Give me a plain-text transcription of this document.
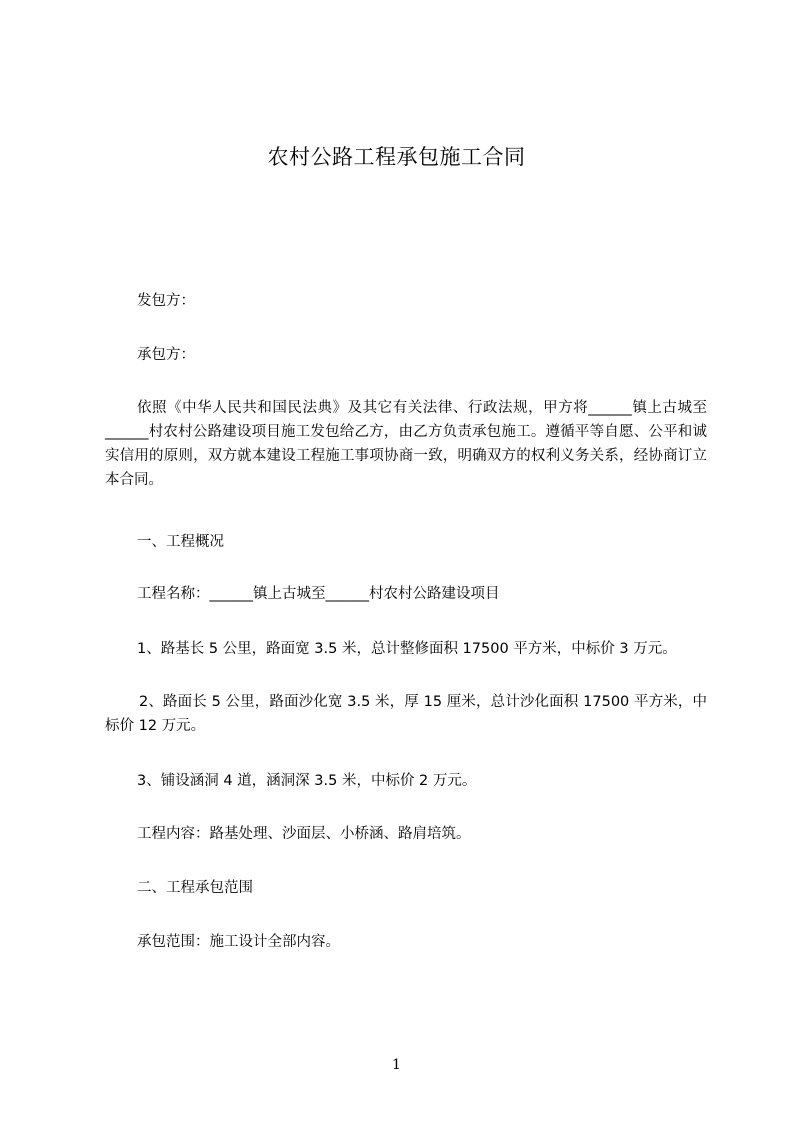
农村公路工程承包施工合同
发包方：
承包方：
依照《中华人民共和国民法典》及其它有关法律、行政法规，甲方将______镇上古城至______村农村公路建设项目施工发包给乙方，由乙方负责承包施工。遵循平等自愿、公平和诚实信用的原则，双方就本建设工程施工事项协商一致，明确双方的权利义务关系，经协商订立本合同。
一、工程概况
工程名称：______镇上古城至______村农村公路建设项目
1、路基长 5 公里，路面宽 3.5 米，总计整修面积 17500 平方米，中标价 3 万元。
2、路面长 5 公里，路面沙化宽 3.5 米，厚 15 厘米，总计沙化面积 17500 平方米，中标价 12 万元。
3、铺设涵洞 4 道，涵洞深 3.5 米，中标价 2 万元。
工程内容：路基处理、沙面层、小桥涵、路肩培筑。
二、工程承包范围
承包范围：施工设计全部内容。
1
